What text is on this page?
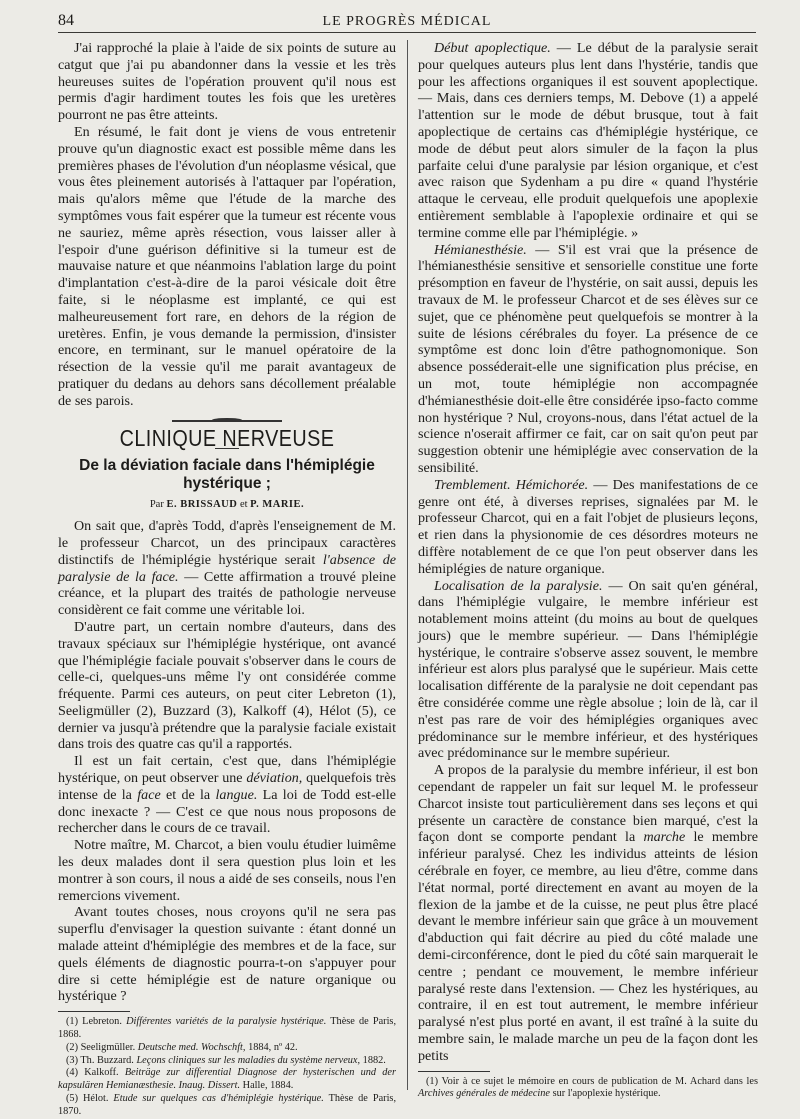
84	LE PROGRÈS MÉDICAL

J'ai rapproché la plaie à l'aide de six points de suture au catgut que j'ai pu abandonner dans la vessie et les très heureuses suites de l'opération prouvent qu'il nous est permis d'agir hardiment toutes les fois que les uretères pourront ne pas être atteints.

En résumé, le fait dont je viens de vous entretenir prouve qu'un diagnostic exact est possible même dans les premières phases de l'évolution d'un néoplasme vésical, que vous êtes pleinement autorisés à l'attaquer par l'opération, mais qu'alors même que l'étude de la marche des symptômes vous fait espérer que la tumeur est récente vous ne sauriez, même après résection, vous laisser aller à l'espoir d'une guérison définitive si la tumeur est de mauvaise nature et que néanmoins l'ablation large du point d'implantation c'est-à-dire de la paroi vésicale doit être faite, si le néoplasme est implanté, ce qui est malheureusement fort rare, en dehors de la région de uretères. Enfin, je vous demande la permission, d'insister encore, en terminant, sur le manuel opératoire de la résection de la vessie qu'il me parait avantageux de pratiquer du dedans au dehors sans décollement préalable de ses parois.

CLINIQUE NERVEUSE

De la déviation faciale dans l'hémiplégie hystérique ;

Par E. BRISSAUD et P. MARIE.

On sait que, d'après Todd, d'après l'enseignement de M. le professeur Charcot, un des principaux caractères distinctifs de l'hémiplégie hystérique serait l'absence de paralysie de la face. — Cette affirmation a trouvé pleine créance, et la plupart des traités de pathologie nerveuse considèrent ce fait comme une véritable loi.

D'autre part, un certain nombre d'auteurs, dans des travaux spéciaux sur l'hémiplégie hystérique, ont avancé que l'hémiplégie faciale pouvait s'observer dans le cours de celle-ci, quelques-uns même l'y ont considérée comme fréquente. Parmi ces auteurs, on peut citer Lebreton (1), Seeligmüller (2), Buzzard (3), Kalkoff (4), Hélot (5), ce dernier va jusqu'à prétendre que la paralysie faciale existait dans trois des quatre cas qu'il a rapportés.

Il est un fait certain, c'est que, dans l'hémiplégie hystérique, on peut observer une déviation, quelquefois très intense de la face et de la langue. La loi de Todd est-elle donc inexacte ? — C'est ce que nous nous proposons de rechercher dans le cours de ce travail.

Notre maître, M. Charcot, a bien voulu étudier luimême les deux malades dont il sera question plus loin et les montrer à son cours, il nous a aidé de ses conseils, nous l'en remercions vivement.

Avant toutes choses, nous croyons qu'il ne sera pas superflu d'envisager la question suivante : étant donné un malade atteint d'hémiplégie des membres et de la face, sur quels éléments de diagnostic pourra-t-on s'appuyer pour dire si cette hémiplégie est de nature organique ou hystérique ?

(1) Lebreton. Différentes variétés de la paralysie hystérique. Thèse de Paris, 1868.

(2) Seeligmüller. Deutsche med. Wochschft, 1884, nº 42.

(3) Th. Buzzard. Leçons cliniques sur les maladies du système nerveux, 1882.

(4) Kalkoff. Beiträge zur differential Diagnose der hysterischen und der kapsulären Hemianæsthesie. Inaug. Dissert. Halle, 1884.

(5) Hélot. Etude sur quelques cas d'hémiplégie hystérique. Thèse de Paris, 1870.

Début apoplectique. — Le début de la paralysie serait pour quelques auteurs plus lent dans l'hystérie, tandis que pour les affections organiques il est souvent apoplectique. — Mais, dans ces derniers temps, M. Debove (1) a appelé l'attention sur le mode de début brusque, tout à fait apoplectique de certains cas d'hémiplégie hystérique, ce mode de début peut alors simuler de la façon la plus parfaite celui d'une paralysie par lésion organique, et c'est avec raison que Sydenham a pu dire « quand l'hystérie attaque le cerveau, elle produit quelquefois une apoplexie entièrement semblable à l'apoplexie ordinaire et qui se termine comme elle par l'hémiplégie. »

Hémianesthésie. — S'il est vrai que la présence de l'hémianesthésie sensitive et sensorielle constitue une forte présomption en faveur de l'hystérie, on sait aussi, depuis les travaux de M. le professeur Charcot et de ses élèves sur ce sujet, que ce phénomène peut quelquefois se montrer à la suite de lésions cérébrales du foyer. La présence de ce symptôme est donc loin d'être pathognomonique. Son absence posséderait-elle une signification plus précise, en un mot, toute hémiplégie non accompagnée d'hémianesthésie doit-elle être considérée ipso-facto comme non hystérique ? Nul, croyons-nous, dans l'état actuel de la science n'oserait affirmer ce fait, car on sait qu'on peut par suggestion obtenir une hémiplégie avec conservation de la sensibilité.

Tremblement. Hémichorée. — Des manifestations de ce genre ont été, à diverses reprises, signalées par M. le professeur Charcot, qui en a fait l'objet de plusieurs leçons, et rien dans la physionomie de ces désordres moteurs ne diffère notablement de ce que l'on peut observer dans les hémiplégies de nature organique.

Localisation de la paralysie. — On sait qu'en général, dans l'hémiplégie vulgaire, le membre inférieur est notablement moins atteint (du moins au bout de quelques jours) que le membre supérieur. — Dans l'hémiplégie hystérique, le contraire s'observe assez souvent, le membre inférieur est alors plus paralysé que le supérieur. Mais cette localisation différente de la paralysie ne doit cependant pas être considérée comme une règle absolue ; loin de là, car il n'est pas rare de voir des hémiplégies organiques avec prédominance sur le membre inférieur, et des hystériques avec prédominance sur le membre supérieur.

A propos de la paralysie du membre inférieur, il est bon cependant de rappeler un fait sur lequel M. le professeur Charcot insiste tout particulièrement dans ses leçons et qui présente un caractère de constance bien marqué, c'est la façon dont se comporte pendant la marche le membre inférieur paralysé. Chez les individus atteints de lésion cérébrale en foyer, ce membre, au lieu d'être, comme dans l'état normal, porté directement en avant au moyen de la flexion de la jambe et de la cuisse, ne peut plus être placé devant le membre inférieur sain que grâce à un mouvement d'abduction qui fait décrire au pied du côté malade une demi-circonférence, dont le pied du côté sain marquerait le centre ; pendant ce mouvement, le membre inférieur paralysé reste dans l'extension. — Chez les hystériques, au contraire, il en est tout autrement, le membre inférieur paralysé n'est plus porté en avant, il est traîné à la suite du membre sain, le malade marche un peu de la façon dont les petits

(1) Voir à ce sujet le mémoire en cours de publication de M. Achard dans les Archives générales de médecine sur l'apoplexie hystérique.
